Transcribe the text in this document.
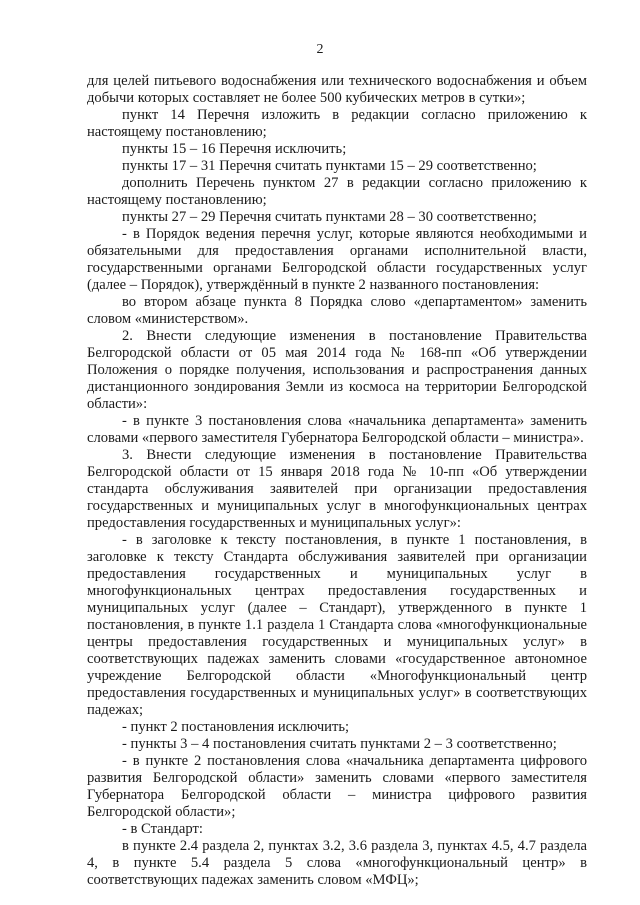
2

для целей питьевого водоснабжения или технического водоснабжения и объем добычи которых составляет не более 500 кубических метров в сутки»;

пункт 14 Перечня изложить в редакции согласно приложению к настоящему постановлению;

пункты 15 – 16 Перечня исключить;

пункты 17 – 31 Перечня считать пунктами 15 – 29 соответственно;

дополнить Перечень пунктом 27 в редакции согласно приложению к настоящему постановлению;

пункты 27 – 29 Перечня считать пунктами 28 – 30 соответственно;

- в Порядок ведения перечня услуг, которые являются необходимыми и обязательными для предоставления органами исполнительной власти, государственными органами Белгородской области государственных услуг (далее – Порядок), утверждённый в пункте 2 названного постановления:

во втором абзаце пункта 8 Порядка слово «департаментом» заменить словом «министерством».

2. Внести следующие изменения в постановление Правительства Белгородской области от 05 мая 2014 года № 168-пп «Об утверждении Положения о порядке получения, использования и распространения данных дистанционного зондирования Земли из космоса на территории Белгородской области»:

- в пункте 3 постановления слова «начальника департамента» заменить словами «первого заместителя Губернатора Белгородской области – министра».

3. Внести следующие изменения в постановление Правительства Белгородской области от 15 января 2018 года № 10-пп «Об утверждении стандарта обслуживания заявителей при организации предоставления государственных и муниципальных услуг в многофункциональных центрах предоставления государственных и муниципальных услуг»:

- в заголовке к тексту постановления, в пункте 1 постановления, в заголовке к тексту Стандарта обслуживания заявителей при организации предоставления государственных и муниципальных услуг в многофункциональных центрах предоставления государственных и муниципальных услуг (далее – Стандарт), утвержденного в пункте 1 постановления, в пункте 1.1 раздела 1 Стандарта слова «многофункциональные центры предоставления государственных и муниципальных услуг» в соответствующих падежах заменить словами «государственное автономное учреждение Белгородской области «Многофункциональный центр предоставления государственных и муниципальных услуг» в соответствующих падежах;

- пункт 2 постановления исключить;

- пункты 3 – 4 постановления считать пунктами 2 – 3 соответственно;

- в пункте 2 постановления слова «начальника департамента цифрового развития Белгородской области» заменить словами «первого заместителя Губернатора Белгородской области – министра цифрового развития Белгородской области»;

- в Стандарт:

в пункте 2.4 раздела 2, пунктах 3.2, 3.6 раздела 3, пунктах 4.5, 4.7 раздела 4, в пункте 5.4 раздела 5 слова «многофункциональный центр» в соответствующих падежах заменить словом «МФЦ»;
